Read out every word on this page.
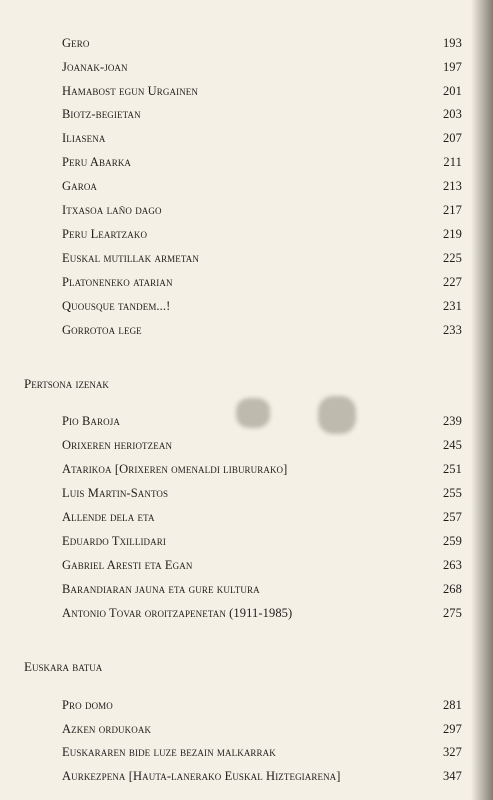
Gero	193
Joanak-joan	197
Hamabost egun Urgainen	201
Biotz-begietan	203
Iliasena	207
Peru Abarka	211
Garoa	213
Itxasoa laño dago	217
Peru Leartzako	219
Euskal mutillak armetan	225
Platoneneko atarian	227
Quousque tandem...!	231
Gorrotoa lege	233
Pertsona izenak
Pio Baroja	239
Orixeren heriotzean	245
Atarikoa [Orixeren omenaldi libururako]	251
Luis Martin-Santos	255
Allende dela eta	257
Eduardo Txillidari	259
Gabriel Aresti eta Egan	263
Barandiaran jauna eta gure kultura	268
Antonio Tovar oroitzapenetan (1911-1985)	275
Euskara batua
Pro domo	281
Azken ordukoak	297
Euskararen bide luze bezain malkarrak	327
Aurkezpena [Hauta-lanerako Euskal Hiztegiarena]	347
